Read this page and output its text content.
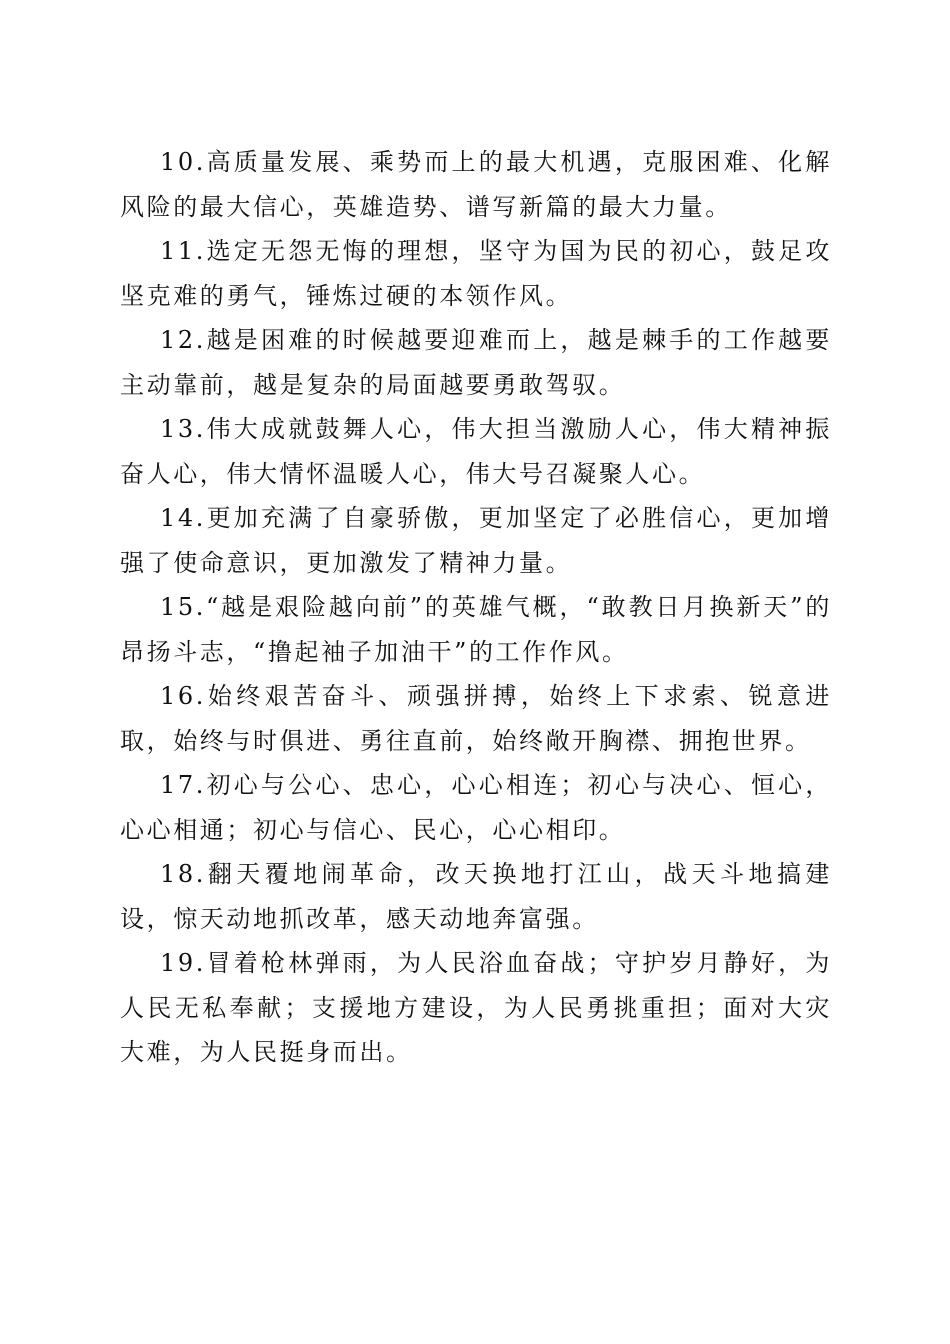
10.高质量发展、乘势而上的最大机遇，克服困难、化解风险的最大信心，英雄造势、谱写新篇的最大力量。

11.选定无怨无悔的理想，坚守为国为民的初心，鼓足攻坚克难的勇气，锤炼过硬的本领作风。

12.越是困难的时候越要迎难而上，越是棘手的工作越要主动靠前，越是复杂的局面越要勇敢驾驭。

13.伟大成就鼓舞人心，伟大担当激励人心，伟大精神振奋人心，伟大情怀温暖人心，伟大号召凝聚人心。

14.更加充满了自豪骄傲，更加坚定了必胜信心，更加增强了使命意识，更加激发了精神力量。

15.“越是艰险越向前”的英雄气概，“敢教日月换新天”的昂扬斗志，“撸起袖子加油干”的工作作风。

16.始终艰苦奋斗、顽强拼搏，始终上下求索、锐意进取，始终与时俱进、勇往直前，始终敞开胸襟、拥抱世界。

17.初心与公心、忠心，心心相连；初心与决心、恒心，心心相通；初心与信心、民心，心心相印。

18.翻天覆地闹革命，改天换地打江山，战天斗地搞建设，惊天动地抓改革，感天动地奔富强。

19.冒着枪林弹雨，为人民浴血奋战；守护岁月静好，为人民无私奉献；支援地方建设，为人民勇挑重担；面对大灾大难，为人民挺身而出。
